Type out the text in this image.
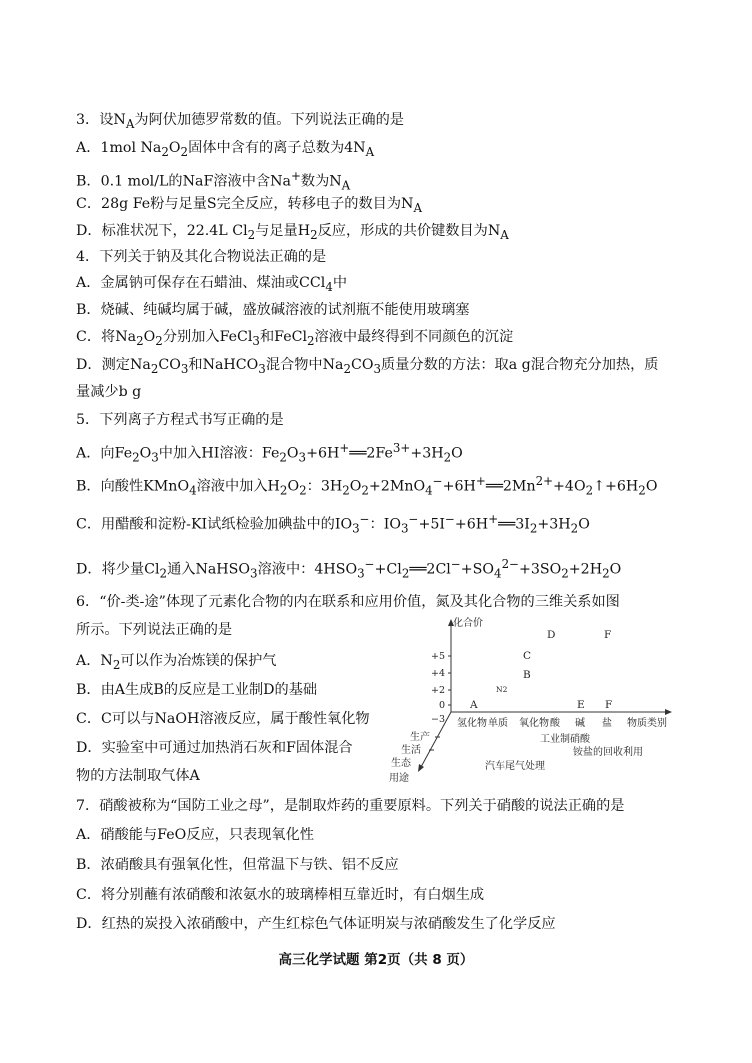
3．设$N_A$为阿伏加德罗常数的值。下列说法正确的是
A．1mol $Na_2O_2$固体中含有的离子总数为$4N_A$
B．0.1 mol/L的NaF溶液中含Na+数为$N_A$
C．28g Fe粉与足量S完全反应，转移电子的数目为$N_A$
D．标准状况下，22.4L $Cl_2$与足量$H_2$反应，形成的共价键数目为$N_A$
4．下列关于钠及其化合物说法正确的是
A．金属钠可保存在石蜡油、煤油或CCl$_4$中
B．烧碱、纯碱均属于碱，盛放碱溶液的试剂瓶不能使用玻璃塞
C．将$Na_2O_2$分别加入FeCl$_3$和FeCl$_2$溶液中最终得到不同颜色的沉淀
D．测定$Na_2CO_3$和NaHCO$_3$混合物中$Na_2CO_3$质量分数的方法：取a g混合物充分加热，质
量减少b g
5．下列离子方程式书写正确的是
A．向$Fe_2O_3$中加入HI溶液：$Fe_2O_3+6H^+══2Fe^{3+}+3H_2O$
B．向酸性KMnO$_4$溶液中加入$H_2O_2$：$3H_2O_2+2MnO_4^-+6H^+══2Mn^{2+}+4O_2↑+6H_2O$
C．用醋酸和淀粉-KI试纸检验加碘盐中的$IO_3^-$：$IO_3^-+5I^-+6H^+══3I_2+3H_2O$
D．将少量$Cl_2$通入NaHSO$_3$溶液中：$4HSO_3^-+Cl_2══2Cl^-+SO_4^{2-}+3SO_2+2H_2O$
6．“价-类-途”体现了元素化合物的内在联系和应用价值，氮及其化合物的三维关系如图
所示。下列说法正确的是
A．$N_2$可以作为冶炼镁的保护气
B．由A生成B的反应是工业制D的基础
C．C可以与NaOH溶液反应，属于酸性氧化物
D．实验室中可通过加热消石灰和F固体混合
物的方法制取气体A
化合价
+5
+4
+2
0
−3 氢化物 单质 氧化物 酸 碱 盐 物质类别
D	F
C
B
N2
A	E F
生产
生活
生态
用途
工业制硝酸
铵盐的回收利用
汽车尾气处理
7．硝酸被称为“国防工业之母”，是制取炸药的重要原料。下列关于硝酸的说法正确的是
A．硝酸能与FeO反应，只表现氧化性
B．浓硝酸具有强氧化性，但常温下与铁、铝不反应
C．将分别蘸有浓硝酸和浓氨水的玻璃棒相互靠近时，有白烟生成
D．红热的炭投入浓硝酸中，产生红棕色气体证明炭与浓硝酸发生了化学反应
高三化学试题 第2页（共 8 页）
